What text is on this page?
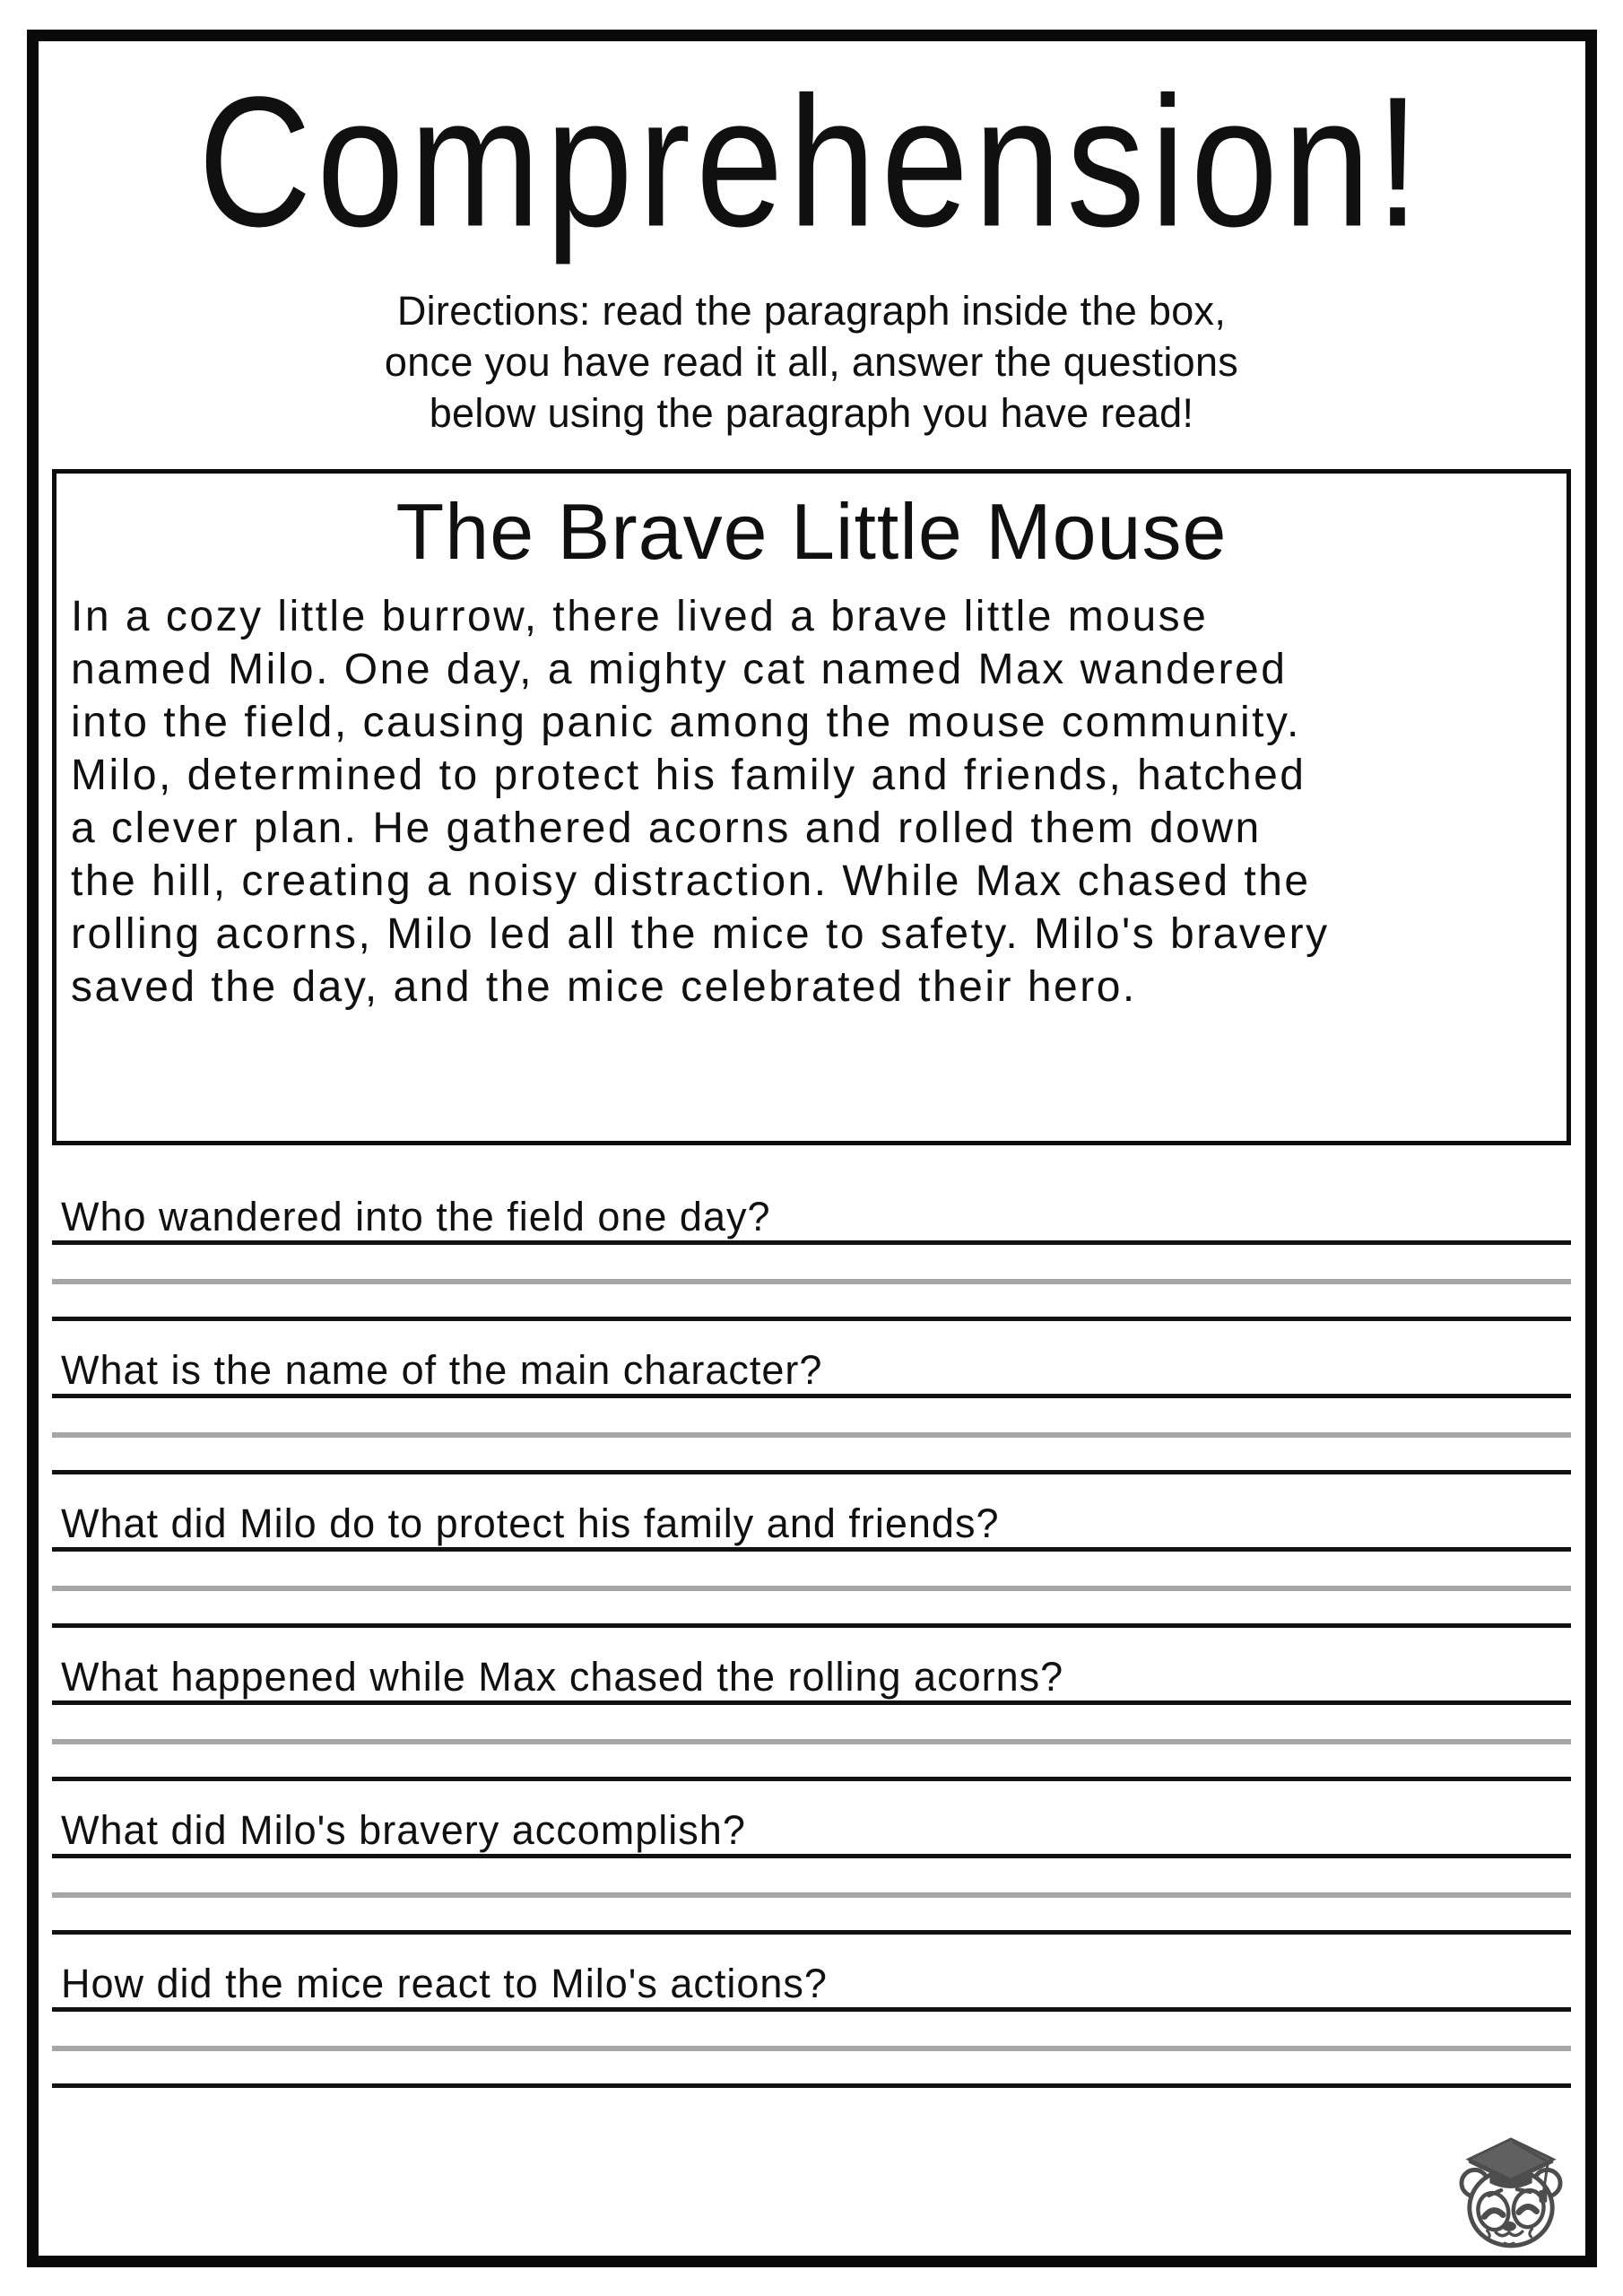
Comprehension!
Directions: read the paragraph inside the box,
once you have read it all, answer the questions
below using the paragraph you have read!
The Brave Little Mouse
In a cozy little burrow, there lived a brave little mouse
named Milo. One day, a mighty cat named Max wandered
into the field, causing panic among the mouse community.
Milo, determined to protect his family and friends, hatched
a clever plan. He gathered acorns and rolled them down
the hill, creating a noisy distraction. While Max chased the
rolling acorns, Milo led all the mice to safety. Milo's bravery
saved the day, and the mice celebrated their hero.
Who wandered into the field one day?
What is the name of the main character?
What did Milo do to protect his family and friends?
What happened while Max chased the rolling acorns?
What did Milo's bravery accomplish?
How did the mice react to Milo's actions?
